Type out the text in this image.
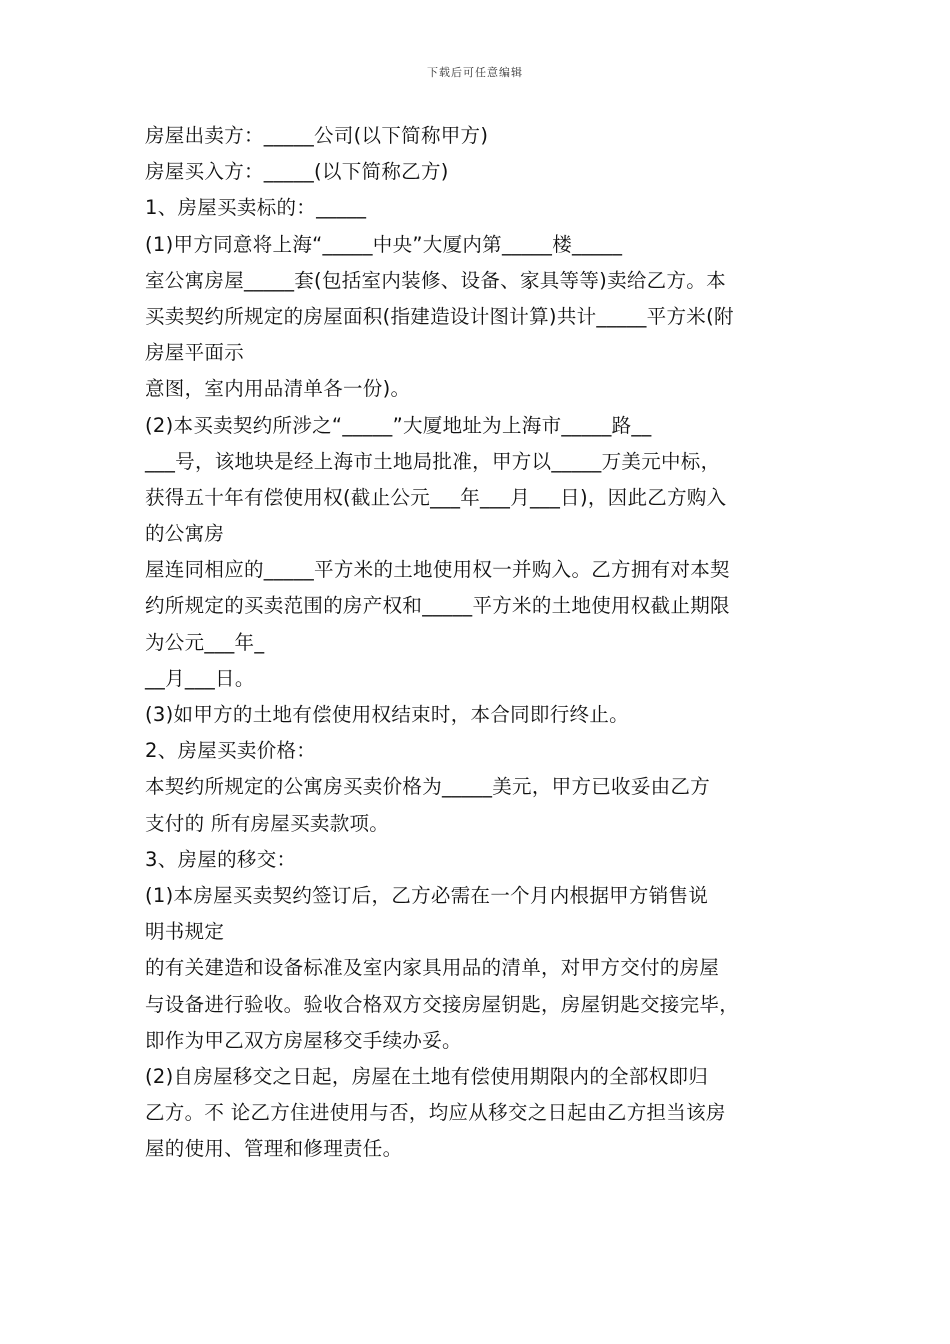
下载后可任意编辑
房屋出卖方：_____公司(以下简称甲方)
房屋买入方：_____(以下简称乙方)
1、房屋买卖标的：_____
(1)甲方同意将上海“_____中央”大厦内第_____楼_____
室公寓房屋_____套(包括室内装修、设备、家具等等)卖给乙方。本
买卖契约所规定的房屋面积(指建造设计图计算)共计_____平方米(附
房屋平面示
意图，室内用品清单各一份)。
(2)本买卖契约所涉之“_____”大厦地址为上海市_____路__
___号，该地块是经上海市土地局批准，甲方以_____万美元中标，
获得五十年有偿使用权(截止公元___年___月___日)，因此乙方购入
的公寓房
屋连同相应的_____平方米的土地使用权一并购入。乙方拥有对本契
约所规定的买卖范围的房产权和_____平方米的土地使用权截止期限
为公元___年_
__月___日。
(3)如甲方的土地有偿使用权结束时，本合同即行终止。
2、房屋买卖价格：
本契约所规定的公寓房买卖价格为_____美元，甲方已收妥由乙方
支付的 所有房屋买卖款项。
3、房屋的移交：
(1)本房屋买卖契约签订后，乙方必需在一个月内根据甲方销售说
明书规定
的有关建造和设备标准及室内家具用品的清单，对甲方交付的房屋
与设备进行验收。验收合格双方交接房屋钥匙，房屋钥匙交接完毕，
即作为甲乙双方房屋移交手续办妥。
(2)自房屋移交之日起，房屋在土地有偿使用期限内的全部权即归
乙方。不 论乙方住进使用与否，均应从移交之日起由乙方担当该房
屋的使用、管理和修理责任。
